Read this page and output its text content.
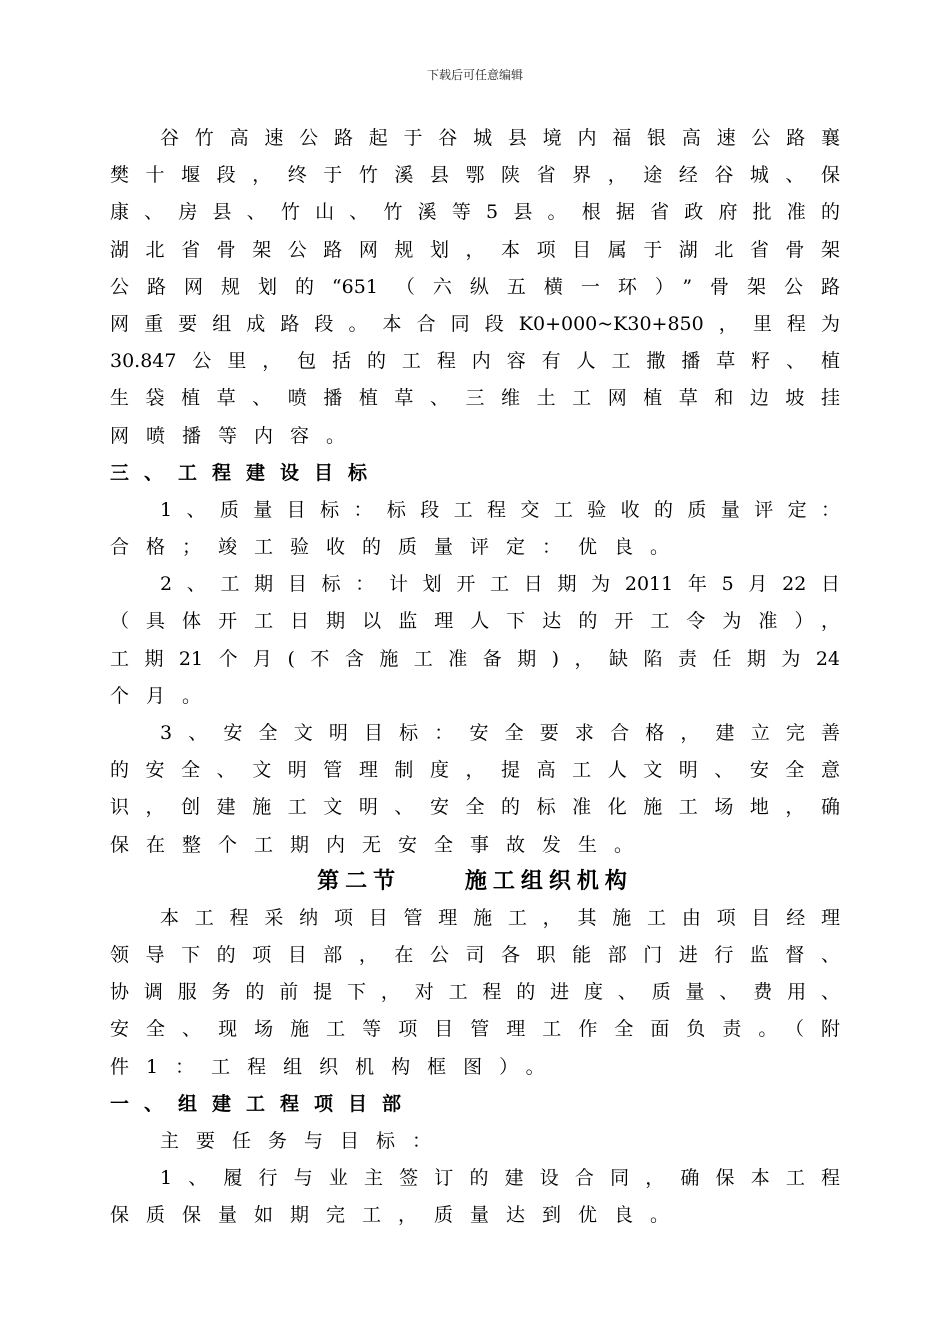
下载后可任意编辑
谷竹高速公路起于谷城县境内福银高速公路襄
樊十堰段，终于竹溪县鄂陕省界，途经谷城、保
康、房县、竹山、竹溪等5县。根据省政府批准的
湖北省骨架公路网规划，本项目属于湖北省骨架
公路网规划的“651（六纵五横一环）”骨架公路
网重要组成路段。本合同段K0+000~K30+850，里程为
30.847公里，包括的工程内容有人工撒播草籽、植
生袋植草、喷播植草、三维土工网植草和边坡挂
网喷播等内容。
三、工程建设目标
1、质量目标：标段工程交工验收的质量评定：
合格；竣工验收的质量评定：优良。
2、工期目标：计划开工日期为2011年5月22日
（具体开工日期以监理人下达的开工令为准），
工期21个月(不含施工准备期)，缺陷责任期为24
个月。
3、安全文明目标：安全要求合格，建立完善
的安全、文明管理制度，提高工人文明、安全意
识，创建施工文明、安全的标准化施工场地，确
保在整个工期内无安全事故发生。
第二节 施工组织机构
本工程采纳项目管理施工，其施工由项目经理
领导下的项目部，在公司各职能部门进行监督、
协调服务的前提下，对工程的进度、质量、费用、
安全、现场施工等项目管理工作全面负责。（附
件1：工程组织机构框图）。
一、组建工程项目部
主要任务与目标：
1、履行与业主签订的建设合同，确保本工程
保质保量如期完工，质量达到优良。
